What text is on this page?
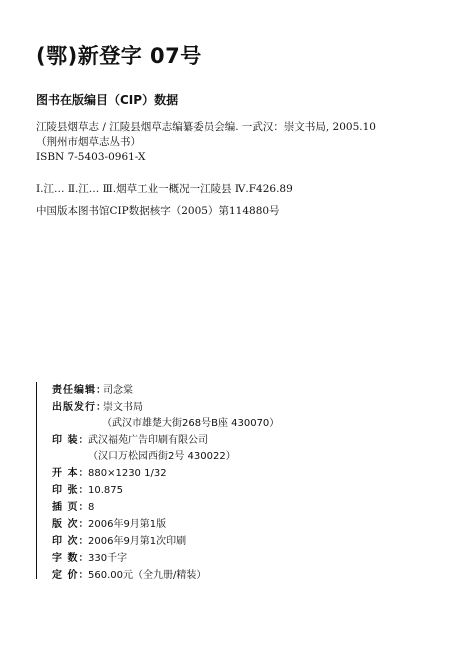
(鄂)新登字 07号
图书在版编目（CIP）数据
江陵县烟草志 / 江陵县烟草志编纂委员会编. 一武汉：崇文书局, 2005.10
（荆州市烟草志丛书）
ISBN 7-5403-0961-X
Ⅰ.江… Ⅱ.江… Ⅲ.烟草工业一概况一江陵县 Ⅳ.F426.89
中国版本图书馆CIP数据核字（2005）第114880号
责任编辑：
司念棠
出版发行：
崇文书局
（武汉市雄楚大街268号B座 430070）
印 装：
武汉福苑广告印刷有限公司
（汉口万松园西街2号 430022）
开 本：
880×1230 1/32
印 张：
10.875
插 页：
8
版 次：
2006年9月第1版
印 次：
2006年9月第1次印刷
字 数：
330千字
定 价：
560.00元（全九册/精装）
